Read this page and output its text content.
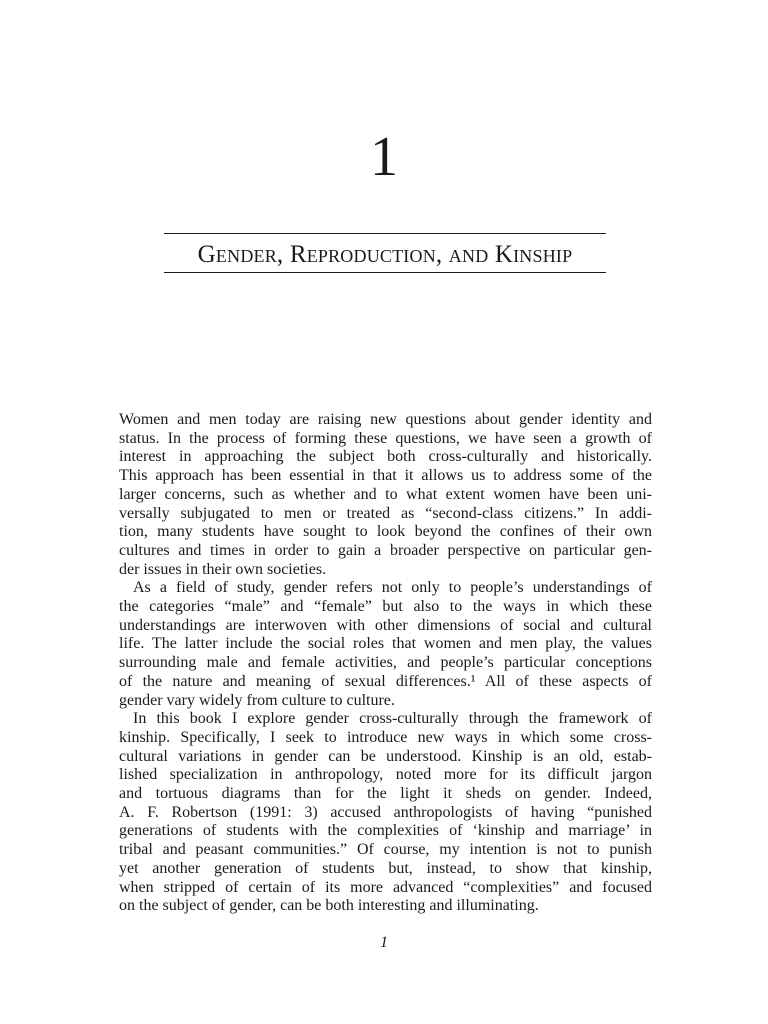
1
Gender, Reproduction, and Kinship
Women and men today are raising new questions about gender identity and
status. In the process of forming these questions, we have seen a growth of
interest in approaching the subject both cross-culturally and historically.
This approach has been essential in that it allows us to address some of the
larger concerns, such as whether and to what extent women have been uni-
versally subjugated to men or treated as “second-class citizens.” In addi-
tion, many students have sought to look beyond the confines of their own
cultures and times in order to gain a broader perspective on particular gen-
der issues in their own societies.
As a field of study, gender refers not only to people’s understandings of
the categories “male” and “female” but also to the ways in which these
understandings are interwoven with other dimensions of social and cultural
life. The latter include the social roles that women and men play, the values
surrounding male and female activities, and people’s particular conceptions
of the nature and meaning of sexual differences.¹ All of these aspects of
gender vary widely from culture to culture.
In this book I explore gender cross-culturally through the framework of
kinship. Specifically, I seek to introduce new ways in which some cross-
cultural variations in gender can be understood. Kinship is an old, estab-
lished specialization in anthropology, noted more for its difficult jargon
and tortuous diagrams than for the light it sheds on gender. Indeed,
A. F. Robertson (1991: 3) accused anthropologists of having “punished
generations of students with the complexities of ‘kinship and marriage’ in
tribal and peasant communities.” Of course, my intention is not to punish
yet another generation of students but, instead, to show that kinship,
when stripped of certain of its more advanced “complexities” and focused
on the subject of gender, can be both interesting and illuminating.
1
